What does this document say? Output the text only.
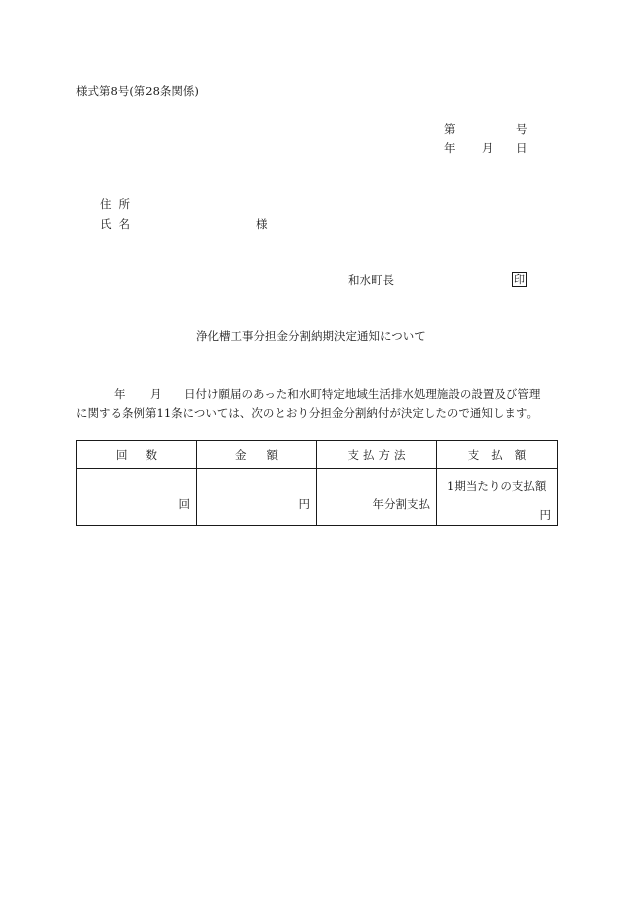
様式第8号(第28条関係)
第	号
年 月 日
住所
氏名	様
和水町長	印
浄化槽工事分担金分割納期決定通知について
年 月 日付け願届のあった和水町特定地域生活排水処理施設の設置及び管理
に関する条例第11条については、次のとおり分担金分割納付が決定したので通知します。
回数	金額	支払方法	支払額

回	円	年分割支払	1期当たりの支払額
円
